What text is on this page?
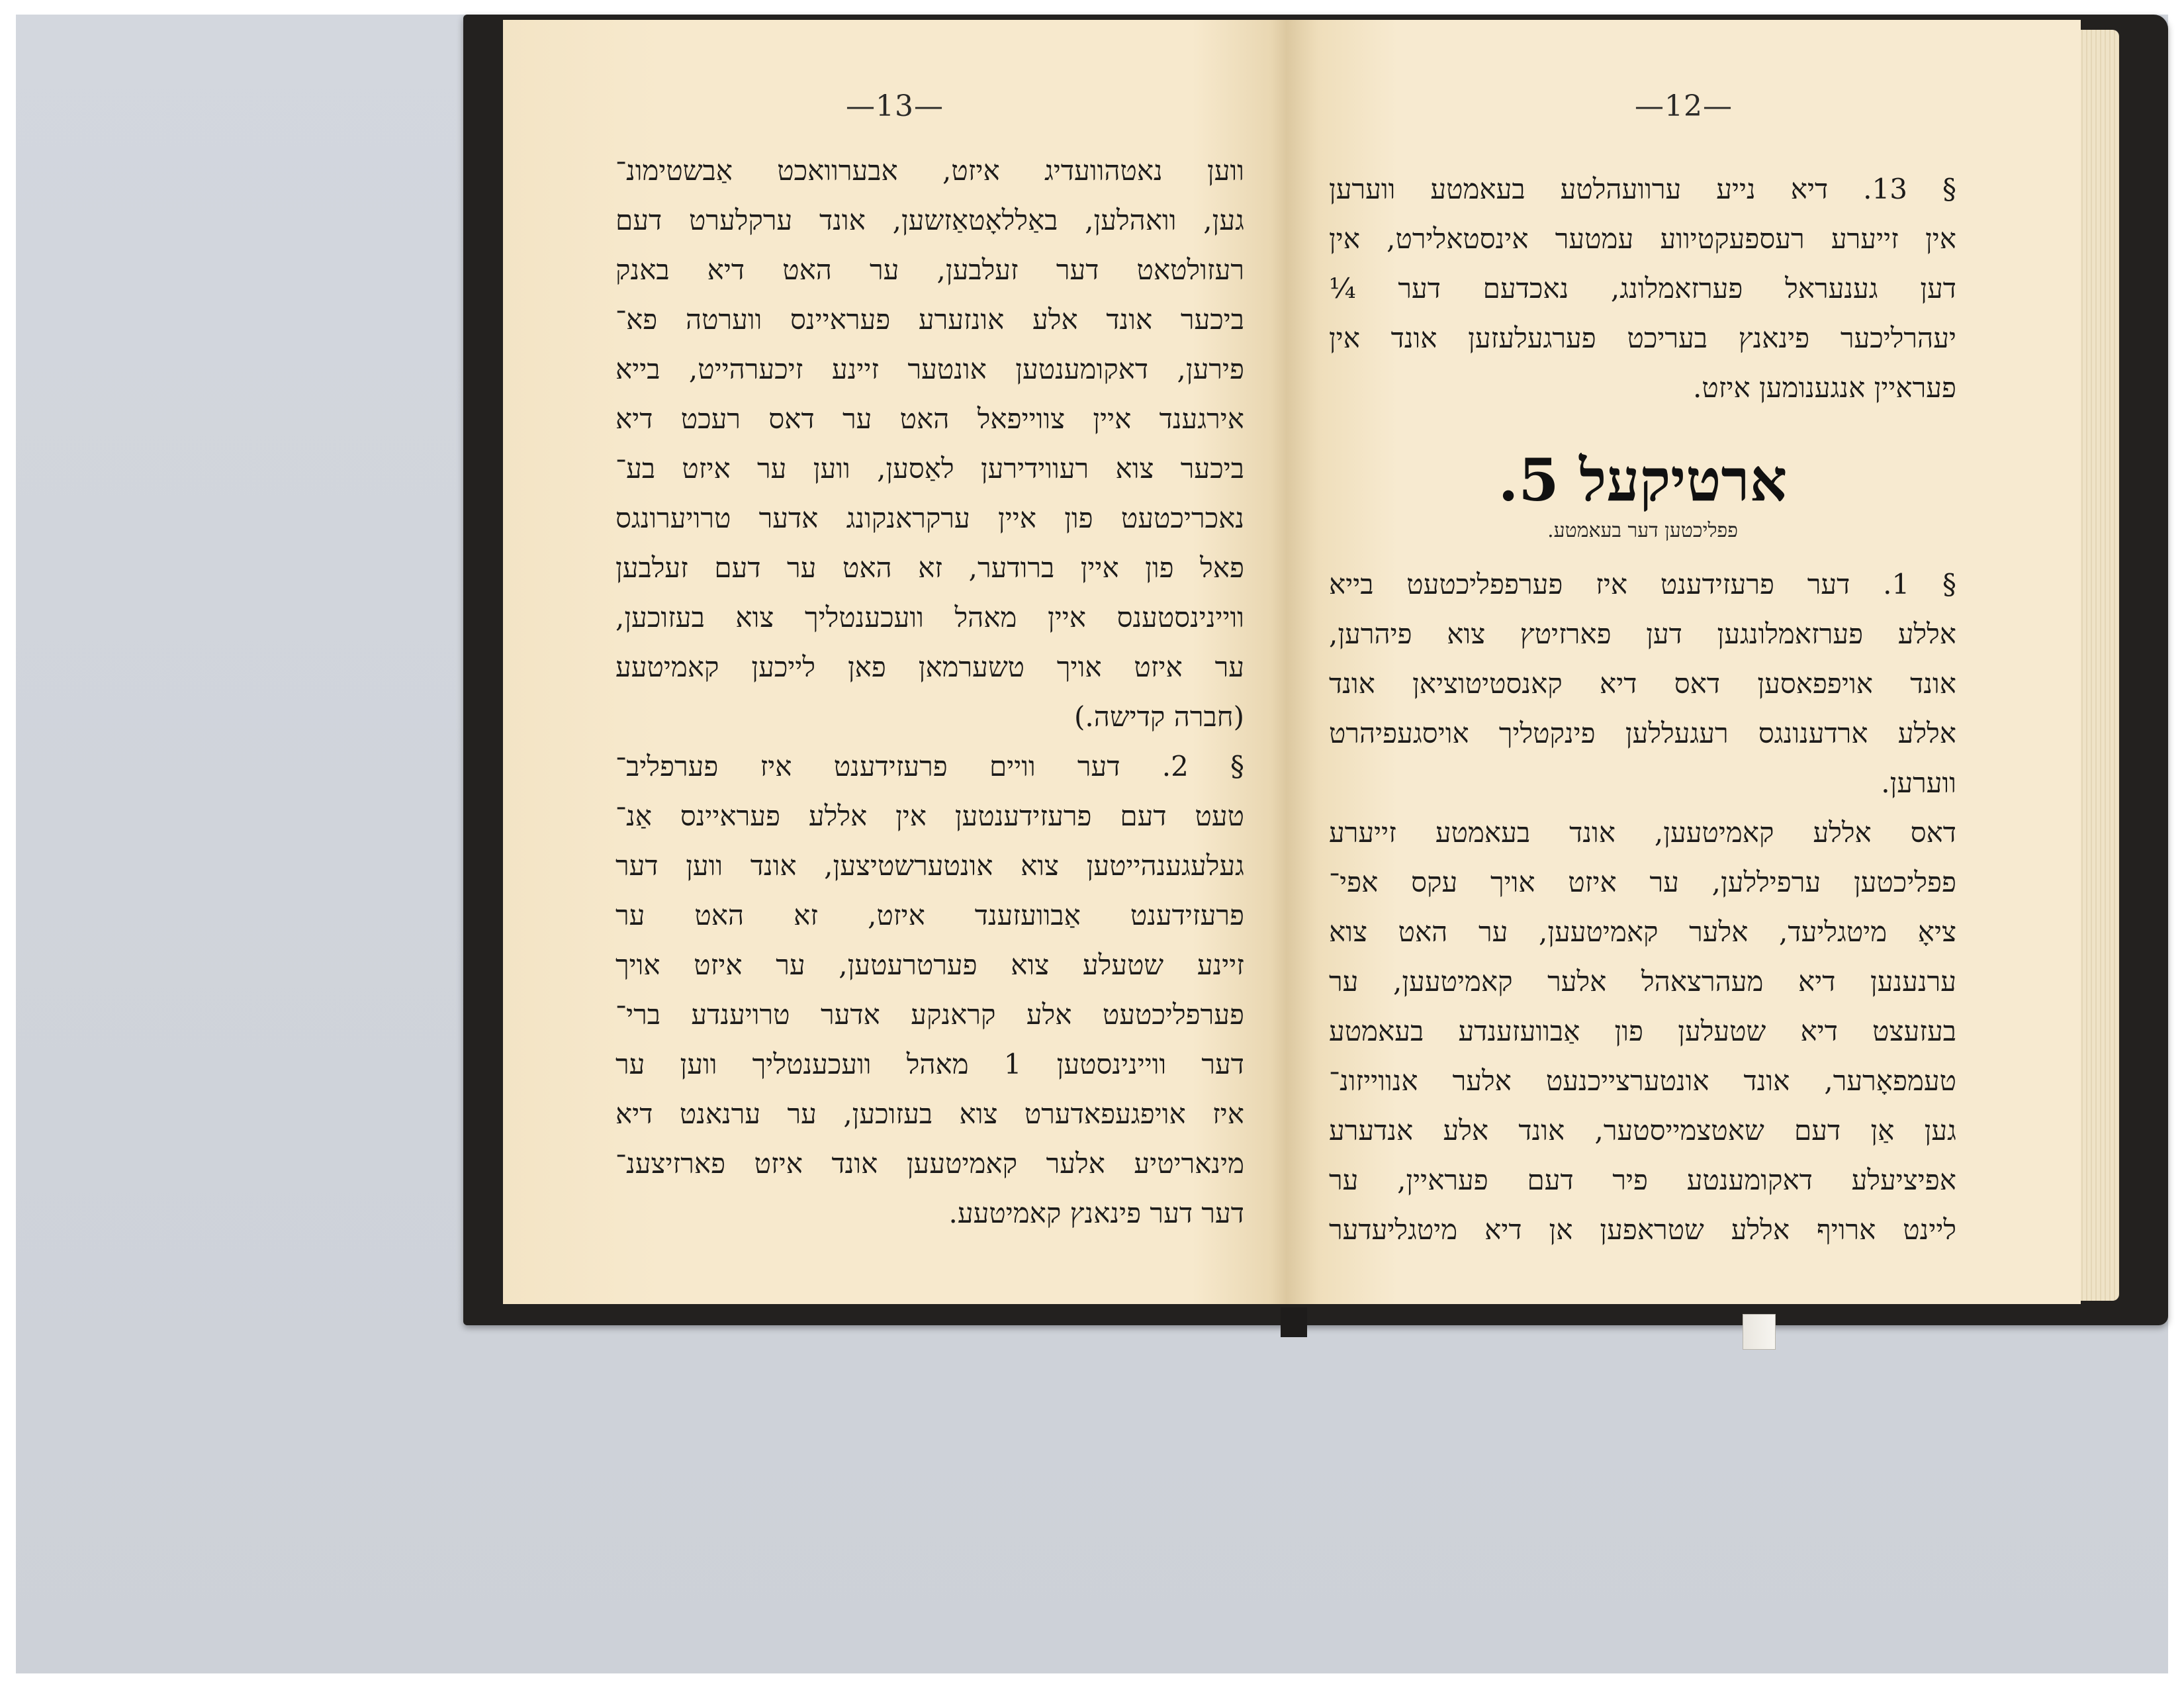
—13—
ווען נאטהוועדיג איזט, אבערוואכט אַבשטימונ־
גען, וואהלען, באַללאָטאַזשען, אונד ערקלערט דעם
רעזולטאט דער זעלבען, ער האט דיא באנק
ביכער אונד אלע אונזערע פעראיינס ווערטה פא־
פירען, דאקומענטען אונטער זיינע זיכערהייט, בייא
אירגענד איין צווייפאל האט ער דאס רעכט דיא
ביכער צוא רעווידירען לאַסען, ווען ער איזט בע־
נאכריכטעט פון איין ערקראנקונג אדער טרויערונגס
פאל פון איין ברודער, זא האט ער דעם זעלבען
וויינינסטענס איין מאהל וועכענטליך צוא בעזוכען,
ער איזט אויך טשערמאן פאן לייכען קאמיטעע
(חברה קדישה.)
§ 2. דער וויים פרעזידענט איז פערפליב־
טעט דעם פרעזידענטען אין אללע פעראיינס אַנ־
געלעגענהייטען צוא אונטערשטיצען, אונד ווען דער
פרעזידענט אַבוועזענד איזט, זא האט ער
זיינע שטעלע צוא פערטרעטען, ער איזט אויך
פערפליכטעט אלע קראנקע אדער טרויענדע ברי־
דער וויינינסטען 1 מאהל וועכענטליך ווען ער
איז אויפגעפאדערט צוא בעזוכען, ער ערנאנט דיא
מינאריטיע אלער קאמיטעען אונד איזט פארזיצענ־
דער דער פינאנץ קאמיטעע.
—12—
§ 13. דיא נייע ערוועהלטע בעאמטע ווערען
אין זייערע רעספעקטיווע עמטער אינסטאלירט, אין
דען גענעראל פערזאמלונג, נאכדעם דער ¼
יעהרליכער פינאנץ בעריכט פערגעלעזען אונד אין
פעראיין אנגענומען איזט.
ארטיקעל 5.
פפליכטען דער בעאמטע.
§ 1. דער פרעזידענט איז פערפפליכטעט בייא
אללע פערזאמלונגען דען פארזיטץ צוא פיהרען,
אונד אויפפאסען דאס דיא קאנסטיטוציאן אונד
אללע ארדענונגס רעגעללען פינקטליך אויסגעפיהרט
ווערען.
דאס אללע קאמיטעען, אונד בעאמטע זייערע
פפליכטען ערפיללען, ער איזט אויך עקס אפי־
ציאָ מיטגליעד, אלער קאמיטעען, ער האט צוא
ערנענען דיא מעהרצאהל אלער קאמיטעען, ער
בעזעצט דיא שטעלען פון אַבוועזענדע בעאמטע
טעמפאָרער, אונד אונטערצייכנעט אלער אנווייזונ־
גען אַן דעם שאטצמייסטער, אונד אלע אנדערע
אפיציעלע דאקומענטע פיר דעם פעראיין, ער
ליינט ארויף אללע שטראפען אן דיא מיטגליעדער
